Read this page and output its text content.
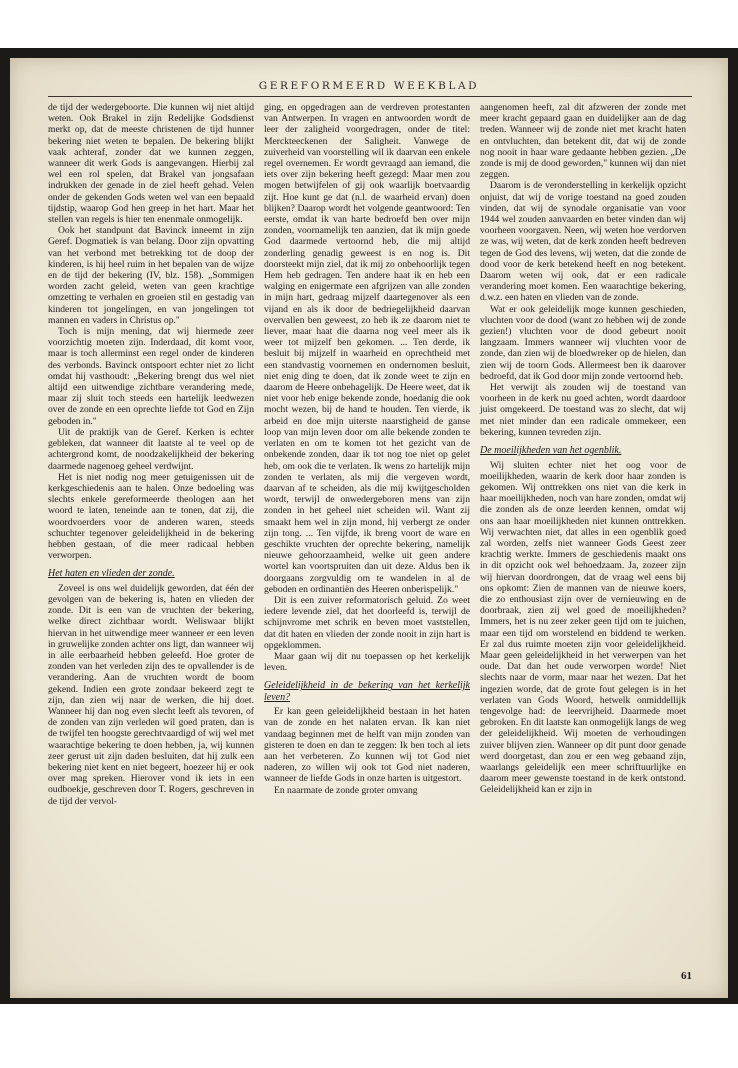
GEREFORMEERD WEEKBLAD

de tijd der wedergeboorte. Die kunnen wij niet altijd weten. Ook Brakel in zijn Redelijke Godsdienst merkt op, dat de meeste christenen de tijd hunner bekering niet weten te bepalen. De bekering blijkt vaak achteraf, zonder dat we kunnen zeggen, wanneer dit werk Gods is aangevangen. Hierbij zal wel een rol spelen, dat Brakel van jongsafaan indrukken der genade in de ziel heeft gehad. Velen onder de gekenden Gods weten wel van een bepaald tijdstip, waarop God hen greep in het hart. Maar het stellen van regels is hier ten enenmale onmogelijk.

Ook het standpunt dat Bavinck inneemt in zijn Geref. Dogmatiek is van belang. Door zijn opvatting van het verbond met betrekking tot de doop der kinderen, is hij heel ruim in het bepalen van de wijze en de tijd der bekering (IV, blz. 158). „Sommigen worden zacht geleid, weten van geen krachtige omzetting te verhalen en groeien stil en gestadig van kinderen tot jongelingen, en van jongelingen tot mannen en vaders in Christus op."

Toch is mijn mening, dat wij hiermede zeer voorzichtig moeten zijn. Inderdaad, dit komt voor, maar is toch allerminst een regel onder de kinderen des verbonds. Bavinck ontspoort echter niet zo licht omdat hij vasthoudt: „Bekering brengt dus wel niet altijd een uitwendige zichtbare verandering mede, maar zij sluit toch steeds een hartelijk leedwezen over de zonde en een oprechte liefde tot God en Zijn geboden in."

Uit de praktijk van de Geref. Kerken is echter gebleken, dat wanneer dit laatste al te veel op de achtergrond komt, de noodzakelijkheid der bekering daarmede nagenoeg geheel verdwijnt.

Het is niet nodig nog meer getuigenissen uit de kerkgeschiedenis aan te halen. Onze bedoeling was slechts enkele gereformeerde theologen aan het woord te laten, teneinde aan te tonen, dat zij, die woordvoerders voor de anderen waren, steeds schuchter tegenover geleidelijkheid in de bekering hebben gestaan, of die meer radicaal hebben verworpen.

Het haten en vlieden der zonde.

Zoveel is ons wel duidelijk geworden, dat één der gevolgen van de bekering is, haten en vlieden der zonde. Dit is een van de vruchten der bekering, welke direct zichtbaar wordt. Weliswaar blijkt hiervan in het uitwendige meer wanneer er een leven in gruwelijke zonden achter ons ligt, dan wanneer wij in alle eerbaarheid hebben geleefd. Hoe groter de zonden van het verleden zijn des te opvallender is de verandering. Aan de vruchten wordt de boom gekend. Indien een grote zondaar bekeerd zegt te zijn, dan zien wij naar de werken, die hij doet. Wanneer hij dan nog even slecht leeft als tevoren, of de zonden van zijn verleden wil goed praten, dan is de twijfel ten hoogste gerechtvaardigd of wij wel met waarachtige bekering te doen hebben, ja, wij kunnen zeer gerust uit zijn daden besluiten, dat hij zulk een bekering niet kent en niet begeert, hoezeer hij er ook over mag spreken. Hierover vond ik iets in een oudboekje, geschreven door T. Rogers, geschreven in de tijd der vervol-

ging, en opgedragen aan de verdreven protestanten van Antwerpen. In vragen en antwoorden wordt de leer der zaligheid voorgedragen, onder de titel: Merckteeckenen der Saligheit. Vanwege de zuiverheid van voorstelling wil ik daarvan een enkele regel overnemen. Er wordt gevraagd aan iemand, die iets over zijn bekering heeft gezegd: Maar men zou mogen betwijfelen of gij ook waarlijk boetvaardig zijt. Hoe kunt ge dat (n.l. de waarheid ervan) doen blijken? Daarop wordt het volgende geantwoord: Ten eerste, omdat ik van harte bedroefd ben over mijn zonden, voornamelijk ten aanzien, dat ik mijn goede God daarmede vertoornd heb, die mij altijd zonderling genadig geweest is en nog is. Dit doorsteekt mijn ziel, dat ik mij zo onbehoorlijk tegen Hem heb gedragen. Ten andere haat ik en heb een walging en enigermate een afgrijzen van alle zonden in mijn hart, gedraag mijzelf daartegenover als een vijand en als ik door de bedriegelijkheid daarvan overvallen ben geweest, zo heb ik ze daarom niet te liever, maar haat die daarna nog veel meer als ik weer tot mijzelf ben gekomen. ... Ten derde, ik besluit bij mijzelf in waarheid en oprechtheid met een standvastig voornemen en ondernomen besluit, niet enig ding te doen, dat ik zonde weet te zijn en daarom de Heere onbehagelijk. De Heere weet, dat ik niet voor heb enige bekende zonde, hoedanig die ook mocht wezen, bij de hand te houden. Ten vierde, ik arbeid en doe mijn uiterste naarstigheid de ganse loop van mijn leven door om alle bekende zonden te verlaten en om te komen tot het gezicht van de onbekende zonden, daar ik tot nog toe niet op gelet heb, om ook die te verlaten. Ik wens zo hartelijk mijn zonden te verlaten, als mij die vergeven wordt, daarvan af te scheiden, als die mij kwijtgescholden wordt, terwijl de onwedergeboren mens van zijn zonden in het geheel niet scheiden wil. Want zij smaakt hem wel in zijn mond, hij verbergt ze onder zijn tong. ... Ten vijfde, ik breng voort de ware en geschikte vruchten der oprechte bekering, namelijk nieuwe gehoorzaamheid, welke uit geen andere wortel kan voortspruiten dan uit deze. Aldus ben ik doorgaans zorgvuldig om te wandelen in al de geboden en ordinantiën des Heeren onberispelijk."

Dit is een zuiver reformatorisch geluid. Zo weet iedere levende ziel, dat het doorleefd is, terwijl de schijnvrome met schrik en beven moet vaststellen, dat dit haten en vlieden der zonde nooit in zijn hart is opgeklommen.

Maar gaan wij dit nu toepassen op het kerkelijk leven.

Geleidelijkheid in de bekering van het kerkelijk leven?

Er kan geen geleidelijkheid bestaan in het haten van de zonde en het nalaten ervan. Ik kan niet vandaag beginnen met de helft van mijn zonden van gisteren te doen en dan te zeggen: Ik ben toch al iets aan het verbeteren. Zo kunnen wij tot God niet naderen, zo willen wij ook tot God niet naderen, wanneer de liefde Gods in onze harten is uitgestort.

En naarmate de zonde groter omvang

aangenomen heeft, zal dit afzweren der zonde met meer kracht gepaard gaan en duidelijker aan de dag treden. Wanneer wij de zonde niet met kracht haten en ontvluchten, dan betekent dit, dat wij de zonde nog nooit in haar ware gedaante hebben gezien. „De zonde is mij de dood geworden," kunnen wij dan niet zeggen.

Daarom is de veronderstelling in kerkelijk opzicht onjuist, dat wij de vorige toestand na goed zouden vinden, dat wij de synodale organisatie van voor 1944 wel zouden aanvaarden en beter vinden dan wij voorheen voorgaven. Neen, wij weten hoe verdorven ze was, wij weten, dat de kerk zonden heeft bedreven tegen de God des levens, wij weten, dat die zonde de dood voor de kerk betekend heeft en nog betekent. Daarom weten wij ook, dat er een radicale verandering moet komen. Een waarachtige bekering, d.w.z. een haten en vlieden van de zonde.

Wat er ook geleidelijk moge kunnen geschieden, vluchten voor de dood (want zo hebben wij de zonde gezien!) vluchten voor de dood gebeurt nooit langzaam. Immers wanneer wij vluchten voor de zonde, dan zien wij de bloedwreker op de hielen, dan zien wij de toorn Gods. Allermeest ben ik daarover bedroefd, dat ik God door mijn zonde vertoornd heb.

Het verwijt als zouden wij de toestand van voorheen in de kerk nu goed achten, wordt daardoor juist omgekeerd. De toestand was zo slecht, dat wij met niet minder dan een radicale ommekeer, een bekering, kunnen tevreden zijn.

De moeilijkheden van het ogenblik.

Wij sluiten echter niet het oog voor de moeilijkheden, waarin de kerk door haar zonden is gekomen. Wij onttrekken ons niet van die kerk in haar moeilijkheden, noch van hare zonden, omdat wij die zonden als de onze leerden kennen, omdat wij ons aan haar moeilijkheden niet kunnen onttrekken. Wij verwachten niet, dat alles in een ogenblik goed zal worden, zelfs niet wanneer Gods Geest zeer krachtig werkte. Immers de geschiedenis maakt ons in dit opzicht ook wel behoedzaam. Ja, zozeer zijn wij hiervan doordrongen, dat de vraag wel eens bij ons opkomt: Zien de mannen van de nieuwe koers, die zo enthousiast zijn over de vernieuwing en de doorbraak, zien zij wel goed de moeilijkheden? Immers, het is nu zeer zeker geen tijd om te juichen, maar een tijd om worstelend en biddend te werken. Er zal dus ruimte moeten zijn voor geleidelijkheid. Maar geen geleidelijkheid in het verwerpen van het oude. Dat dan het oude verworpen worde! Niet slechts naar de vorm, maar naar het wezen. Dat het ingezien worde, dat de grote fout gelegen is in het verlaten van Gods Woord, hetwelk onmiddellijk tengevolge had: de leervrijheid. Daarmede moet gebroken. En dit laatste kan onmogelijk langs de weg der geleidelijkheid. Wij moeten de verhoudingen zuiver blijven zien. Wanneer op dit punt door genade werd doorgetast, dan zou er een weg gebaand zijn, waarlangs geleidelijk een meer schriftuurlijke en daarom meer gewenste toestand in de kerk ontstond. Geleidelijkheid kan er zijn in

61
